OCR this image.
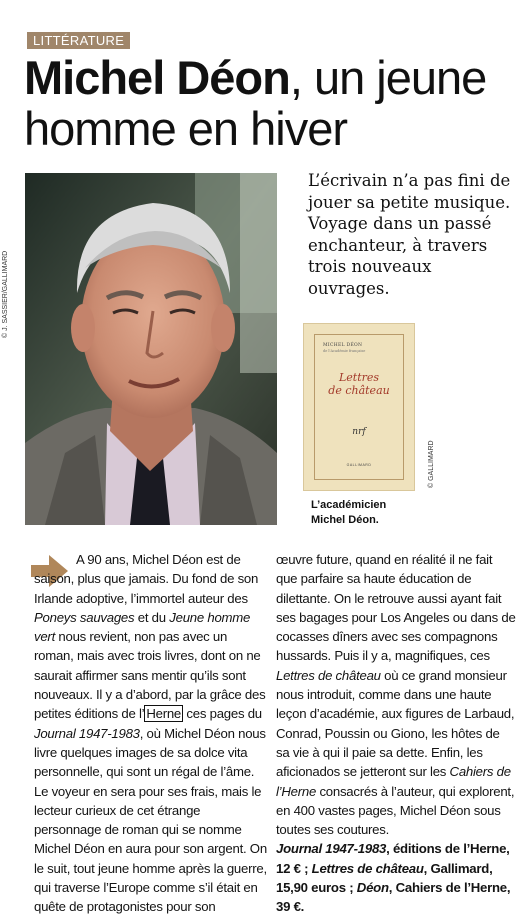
LITTÉRATURE
Michel Déon, un jeune homme en hiver
© J. SASSIER/GALLIMARD
L’écrivain n’a pas fini de jouer sa petite musique. Voyage dans un passé enchanteur, à travers trois nouveaux ouvrages.
MICHEL DÉON
de l'Académie française
Lettres
de château
nrf
GALLIMARD	© GALLIMARD
L’académicien
Michel Déon.

A 90 ans, Michel Déon est de saison, plus que jamais. Du fond de son Irlande adoptive, l’immortel auteur des Poneys sauvages et du Jeune homme vert nous revient, non pas avec un roman, mais avec trois livres, dont on ne saurait affirmer sans mentir qu’ils sont nouveaux. Il y a d’abord, par la grâce des petites éditions de l’ Herne ces pages du Journal 1947-1983, où Michel Déon nous livre quelques images de sa dolce vita personnelle, qui sont un régal de l’âme. Le voyeur en sera pour ses frais, mais le lecteur curieux de cet étrange personnage de roman qui se nomme Michel Déon en aura pour son argent. On le suit, tout jeune homme après la guerre, qui traverse l’Europe comme s’il était en quête de protagonistes pour son

œuvre future, quand en réalité il ne fait que parfaire sa haute éducation de dilettante. On le retrouve aussi ayant fait ses bagages pour Los Angeles ou dans de cocasses dîners avec ses compagnons hussards. Puis il y a, magnifiques, ces Lettres de château où ce grand monsieur nous introduit, comme dans une haute leçon d’académie, aux figures de Larbaud, Conrad, Poussin ou Giono, les hôtes de sa vie à qui il paie sa dette. Enfin, les aficionados se jetteront sur les Cahiers de l’Herne consacrés à l’auteur, qui explorent, en 400 vastes pages, Michel Déon sous toutes ses coutures.

Journal 1947-1983, éditions de l’Herne, 12 € ; Lettres de château, Gallimard, 15,90 euros ; Déon, Cahiers de l’Herne, 39 €.
